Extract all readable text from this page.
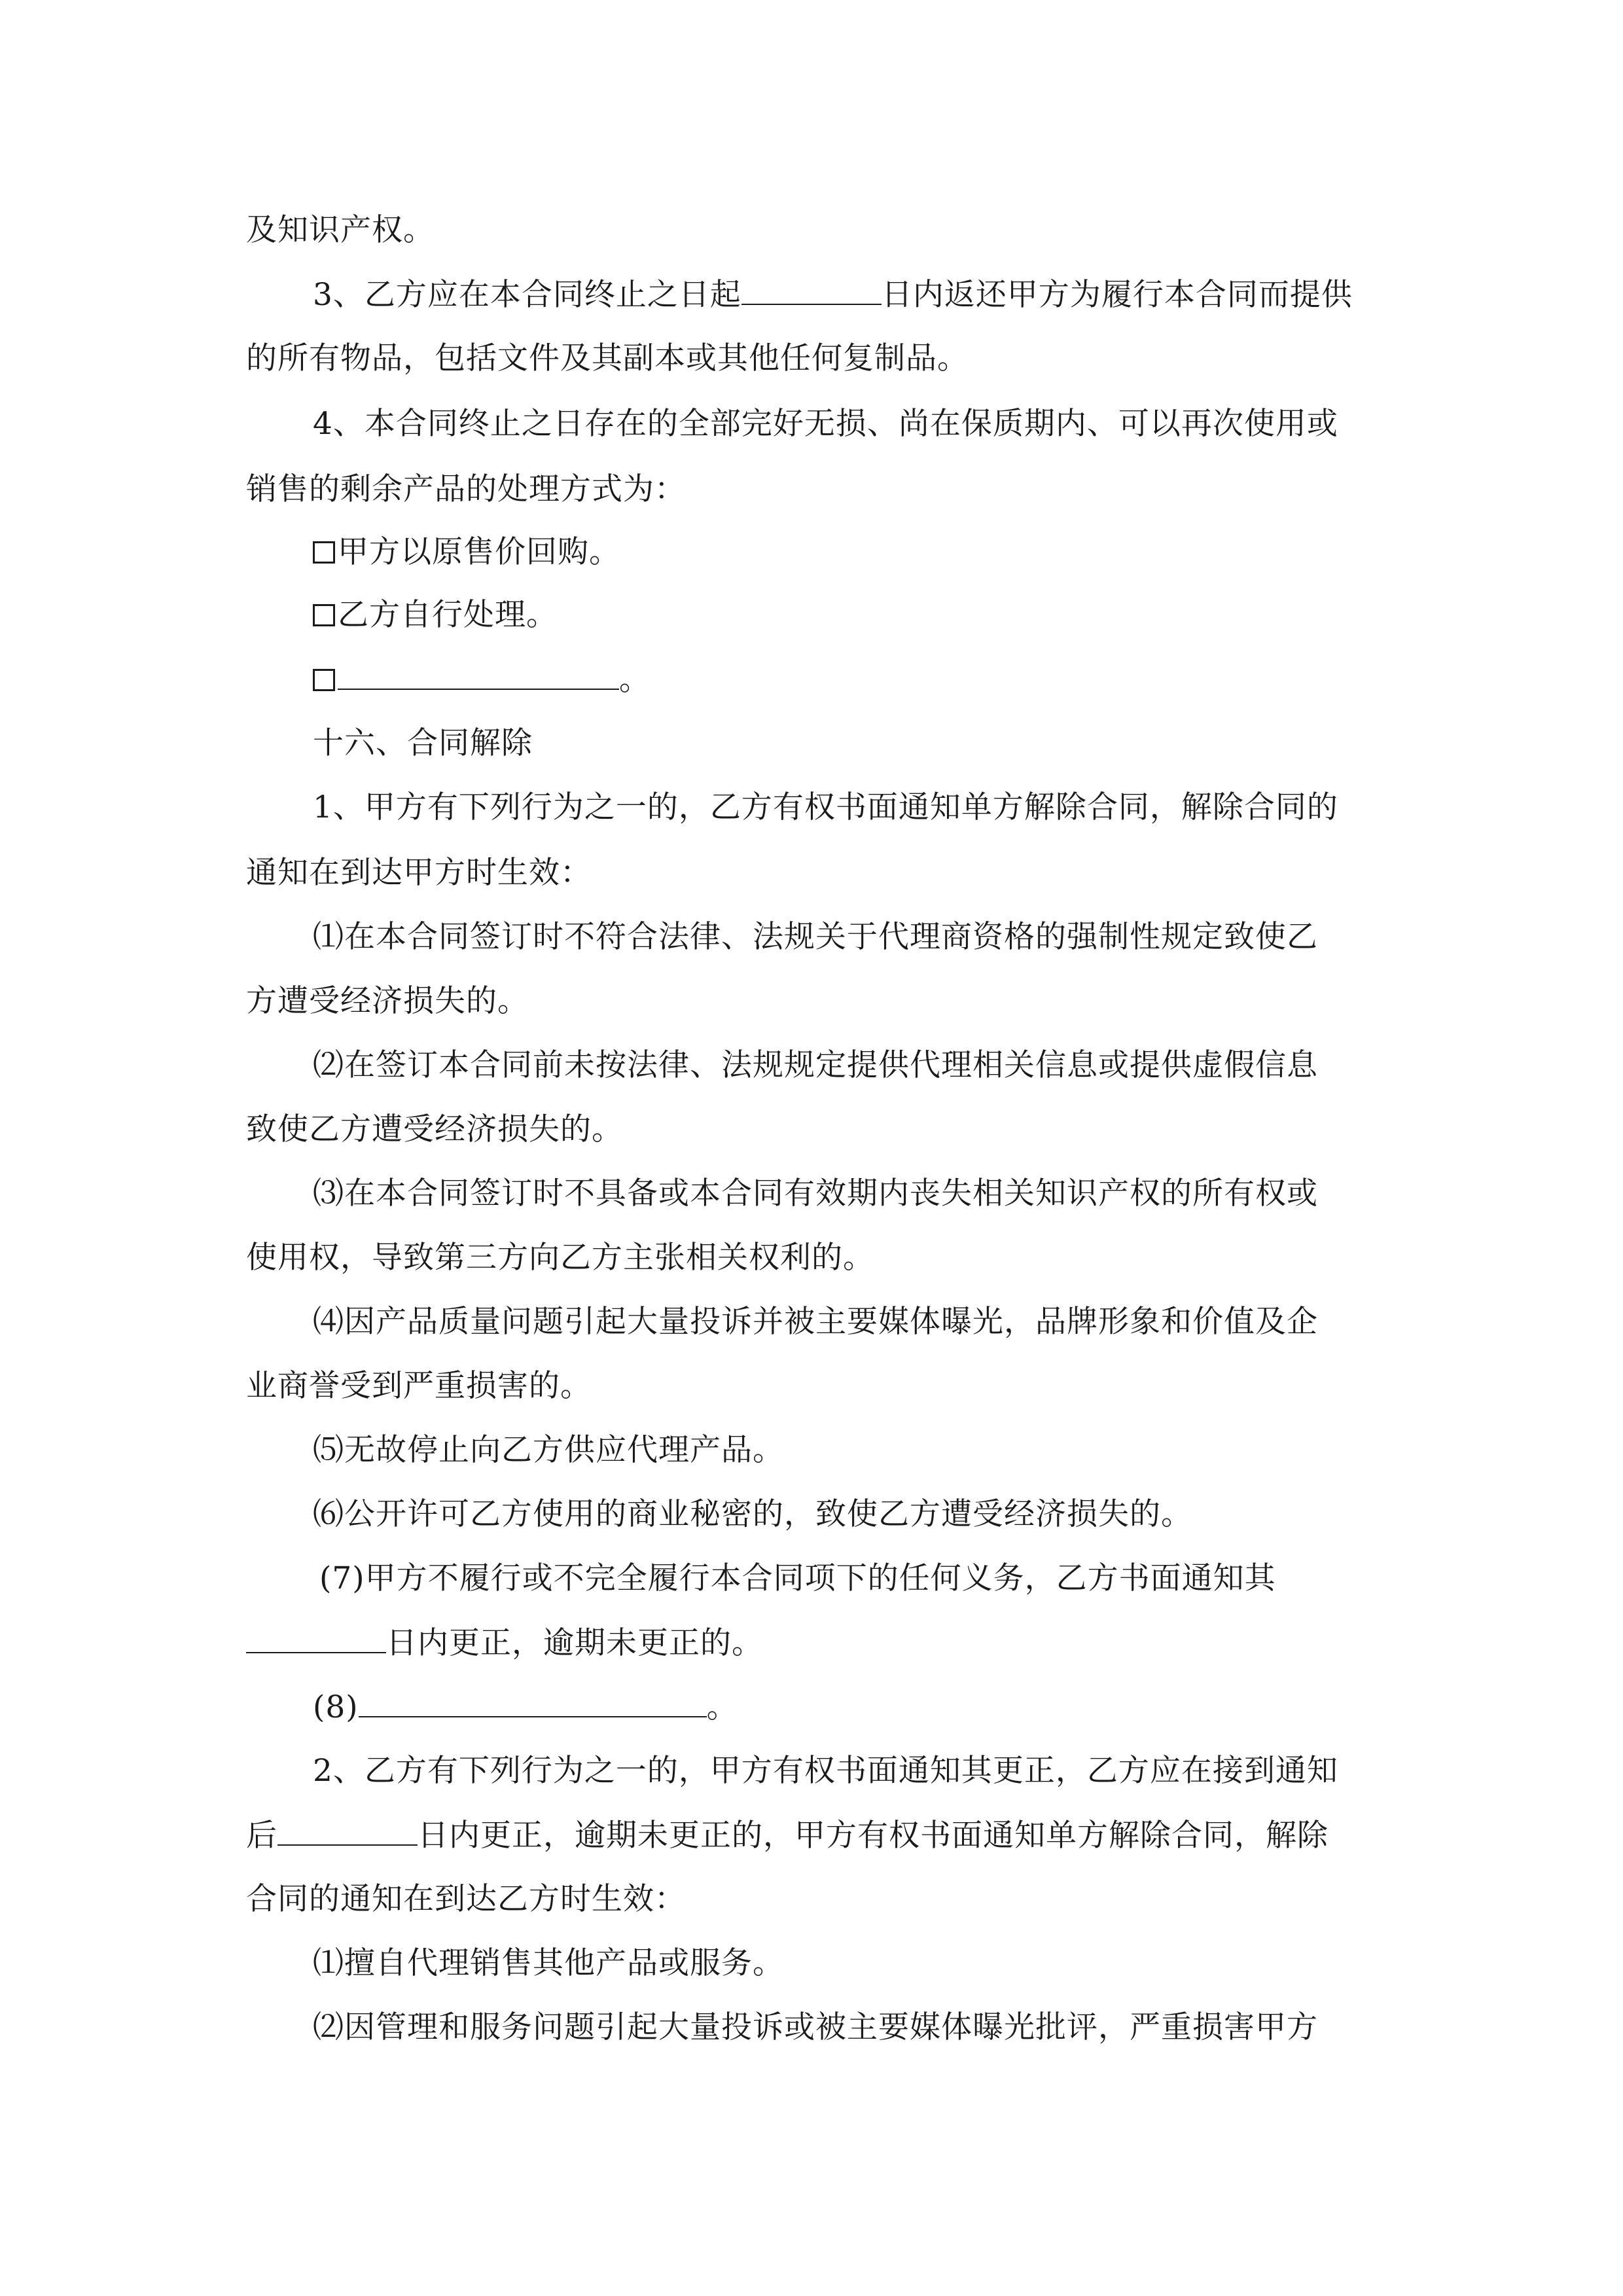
及知识产权。
3、乙方应在本合同终止之日起	日内返还甲方为履行本合同而提供
的所有物品，包括文件及其副本或其他任何复制品。
4、本合同终止之日存在的全部完好无损、尚在保质期内、可以再次使用或
销售的剩余产品的处理方式为：
甲方以原售价回购。
乙方自行处理。
。
十六、合同解除
1、甲方有下列行为之一的，乙方有权书面通知单方解除合同，解除合同的
通知在到达甲方时生效：
⑴在本合同签订时不符合法律、法规关于代理商资格的强制性规定致使乙
方遭受经济损失的。
⑵在签订本合同前未按法律、法规规定提供代理相关信息或提供虚假信息
致使乙方遭受经济损失的。
⑶在本合同签订时不具备或本合同有效期内丧失相关知识产权的所有权或
使用权，导致第三方向乙方主张相关权利的。
⑷因产品质量问题引起大量投诉并被主要媒体曝光，品牌形象和价值及企
业商誉受到严重损害的。
⑸无故停止向乙方供应代理产品。
⑹公开许可乙方使用的商业秘密的，致使乙方遭受经济损失的。
(7)甲方不履行或不完全履行本合同项下的任何义务，乙方书面通知其
日内更正，逾期未更正的。
(8)	。
2、乙方有下列行为之一的，甲方有权书面通知其更正，乙方应在接到通知
后	日内更正，逾期未更正的，甲方有权书面通知单方解除合同，解除
合同的通知在到达乙方时生效：
⑴擅自代理销售其他产品或服务。
⑵因管理和服务问题引起大量投诉或被主要媒体曝光批评，严重损害甲方
